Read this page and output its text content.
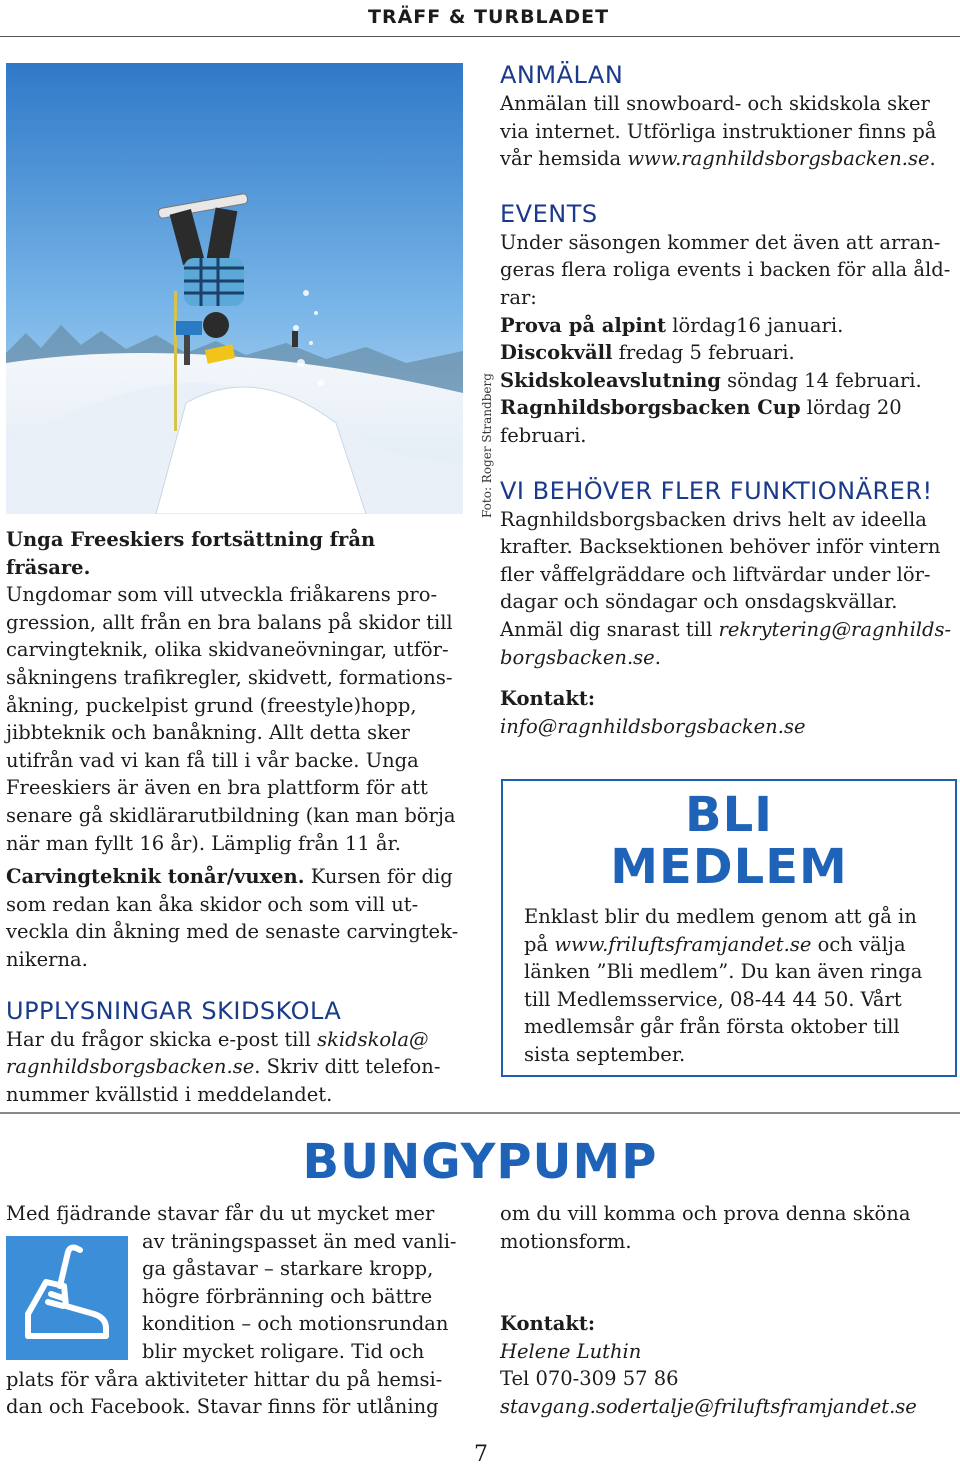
TRÄFF & TURBLADET
Foto: Roger Strandberg

Unga Freeskiers fortsättning från fräsare.

Ungdomar som vill utveckla friåkarens pro-

gression, allt från en bra balans på skidor till

carvingteknik, olika skidvaneövningar, utför-

såkningens trafikregler, skidvett, formations-

åkning, puckelpist grund (freestyle)hopp,

jibbteknik och banåkning. Allt detta sker

utifrån vad vi kan få till i vår backe. Unga

Freeskiers är även en bra plattform för att

senare gå skidlärarutbildning (kan man börja

när man fyllt 16 år). Lämplig från 11 år.

Carvingteknik tonår/vuxen. Kursen för dig

som redan kan åka skidor och som vill ut-

veckla din åkning med de senaste carvingtek-

nikerna.

UPPLYSNINGAR SKIDSKOLA

Har du frågor skicka e-post till skidskola@

ragnhildsborgsbacken.se. Skriv ditt telefon-

nummer kvällstid i meddelandet.

ANMÄLAN

Anmälan till snowboard- och skidskola sker

via internet. Utförliga instruktioner finns på

vår hemsida www.ragnhildsborgsbacken.se.

EVENTS

Under säsongen kommer det även att arran-

geras flera roliga events i backen för alla åld-

rar:

Prova på alpint lördag16 januari.

Discokväll fredag 5 februari.

Skidskoleavslutning söndag 14 februari.

Ragnhildsborgsbacken Cup lördag 20

februari.

VI BEHÖVER FLER FUNKTIONÄRER!

Ragnhildsborgsbacken drivs helt av ideella

krafter. Backsektionen behöver inför vintern

fler våffelgräddare och liftvärdar under lör-

dagar och söndagar och onsdagskvällar.

Anmäl dig snarast till rekrytering@ragnhilds-

borgsbacken.se.

Kontakt:

info@ragnhildsborgsbacken.se

BLI
MEDLEM

Enklast blir du medlem genom att gå in

på www.friluftsframjandet.se och välja

länken ”Bli medlem”. Du kan även ringa

till Medlemsservice, 08-44 44 50. Vårt

medlemsår går från första oktober till

sista september.

BUNGYPUMP

Med fjädrande stavar får du ut mycket mer

av träningspasset än med vanli-

ga gåstavar – starkare kropp,

högre förbränning och bättre

kondition – och motionsrundan

blir mycket roligare. Tid och

plats för våra aktiviteter hittar du på hemsi-

dan och Facebook. Stavar finns för utlåning

om du vill komma och prova denna sköna

motionsform.

Kontakt:

Helene Luthin

Tel 070-309 57 86

stavgang.sodertalje@friluftsframjandet.se

7
